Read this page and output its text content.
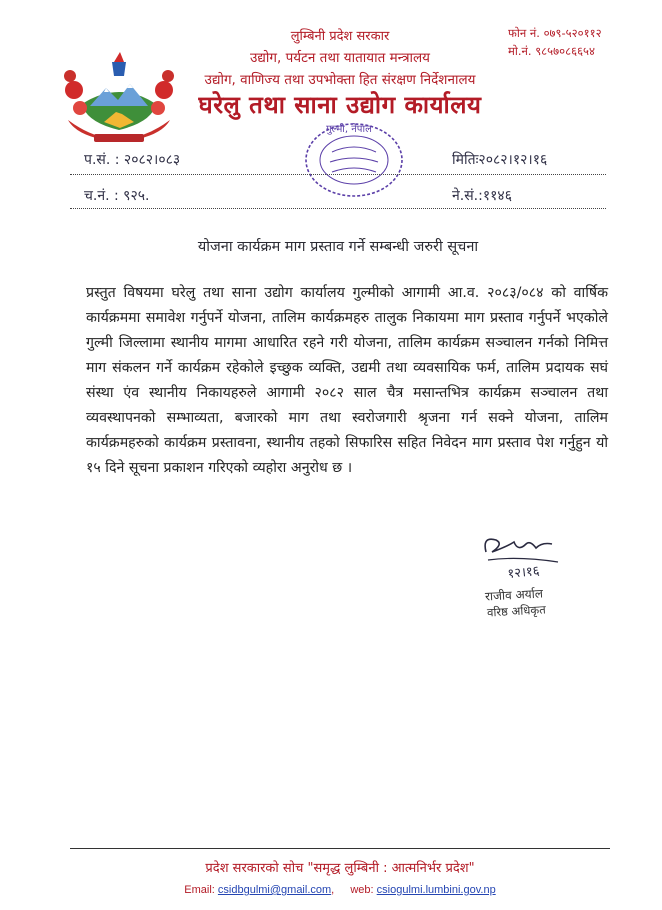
लुम्बिनी प्रदेश सरकार
उद्योग, पर्यटन तथा यातायात मन्त्रालय
उद्योग, वाणिज्य तथा उपभोक्ता हित संरक्षण निर्देशनालय
घरेलु तथा साना उद्योग कार्यालय
फोन नं. ०७९-५२०११२
मो.नं. ९८५७०८६६५४
गुल्मी, नेपाल
प.सं. : २०८२।०८३	मितिः२०८२।१२।१६
च.नं. : ९२५.	ने.सं.:११४६
योजना कार्यक्रम माग प्रस्ताव गर्ने सम्बन्धी जरुरी सूचना
प्रस्तुत विषयमा घरेलु तथा साना उद्योग कार्यालय गुल्मीको आगामी आ.व. २०८३/०८४ को वार्षिक कार्यक्रममा समावेश गर्नुपर्ने योजना, तालिम कार्यक्रमहरु तालुक निकायमा माग प्रस्ताव गर्नुपर्ने भएकोले गुल्मी जिल्लामा स्थानीय मागमा आधारित रहने गरी योजना, तालिम कार्यक्रम सञ्चालन गर्नको निमित्त माग संकलन गर्ने कार्यक्रम रहेकोले इच्छुक व्यक्ति, उद्यमी तथा व्यवसायिक फर्म, तालिम प्रदायक सघं संस्था एंव स्थानीय निकायहरुले आगामी २०८२ साल चैत्र मसान्तभित्र कार्यक्रम सञ्चालन तथा व्यवस्थापनको सम्भाव्यता, बजारको माग तथा स्वरोजगारी श्रृजना गर्न सक्ने योजना, तालिम कार्यक्रमहरुको कार्यक्रम प्रस्तावना, स्थानीय तहको सिफारिस सहित निवेदन माग प्रस्ताव पेश गर्नुहुन यो १५ दिने सूचना प्रकाशन गरिएको व्यहोरा अनुरोध छ ।
१२।१६
राजीव अर्याल
वरिष्ठ अधिकृत
प्रदेश सरकारको सोच "समृद्ध लुम्बिनी : आत्मनिर्भर प्रदेश"
Email: csidbgulmi@gmail.com, web: csiogulmi.lumbini.gov.np
